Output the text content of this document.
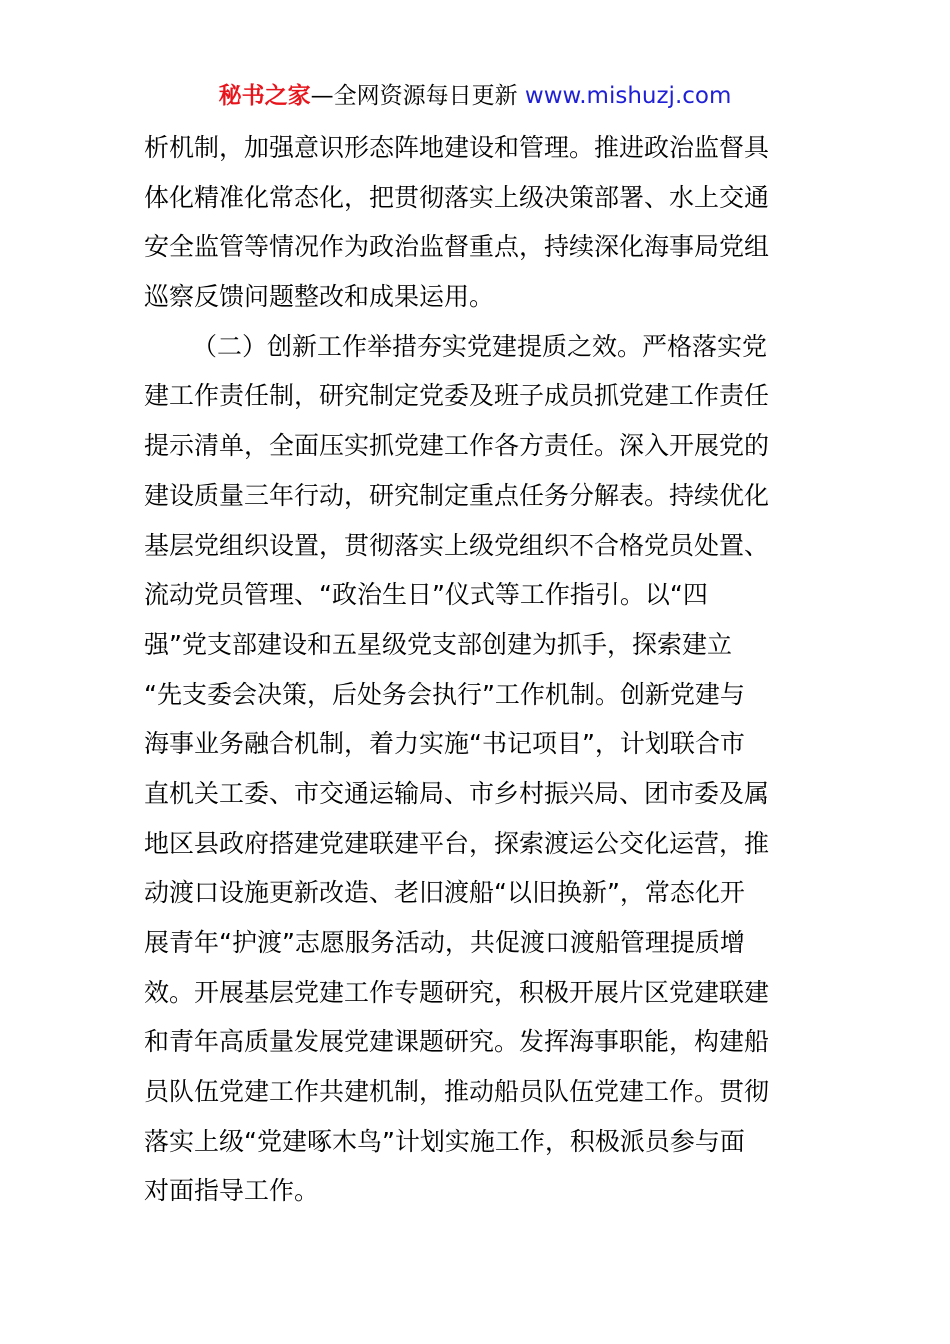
秘书之家—全网资源每日更新 www.mishuzj.com
析机制，加强意识形态阵地建设和管理。推进政治监督具
体化精准化常态化，把贯彻落实上级决策部署、水上交通
安全监管等情况作为政治监督重点，持续深化海事局党组
巡察反馈问题整改和成果运用。
（二）创新工作举措夯实党建提质之效。严格落实党
建工作责任制，研究制定党委及班子成员抓党建工作责任
提示清单，全面压实抓党建工作各方责任。深入开展党的
建设质量三年行动，研究制定重点任务分解表。持续优化
基层党组织设置，贯彻落实上级党组织不合格党员处置、
流动党员管理、“政治生日”仪式等工作指引。以“四
强”党支部建设和五星级党支部创建为抓手，探索建立
“先支委会决策，后处务会执行”工作机制。创新党建与
海事业务融合机制，着力实施“书记项目”，计划联合市
直机关工委、市交通运输局、市乡村振兴局、团市委及属
地区县政府搭建党建联建平台，探索渡运公交化运营，推
动渡口设施更新改造、老旧渡船“以旧换新”，常态化开
展青年“护渡”志愿服务活动，共促渡口渡船管理提质增
效。开展基层党建工作专题研究，积极开展片区党建联建
和青年高质量发展党建课题研究。发挥海事职能，构建船
员队伍党建工作共建机制，推动船员队伍党建工作。贯彻
落实上级“党建啄木鸟”计划实施工作，积极派员参与面
对面指导工作。
